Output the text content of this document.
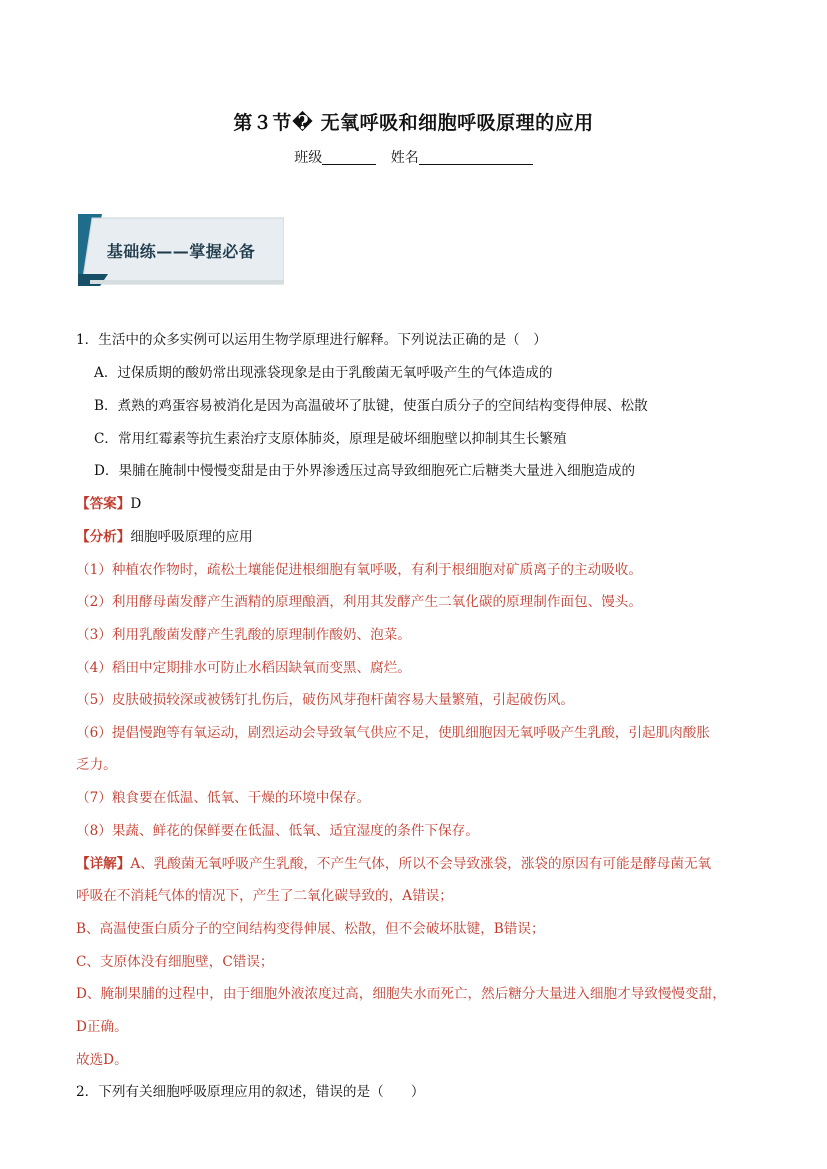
第３节� 无氧呼吸和细胞呼吸原理的应用
班级	姓名
基础练——掌握必备
1．生活中的众多实例可以运用生物学原理进行解释。下列说法正确的是（　）
A．过保质期的酸奶常出现涨袋现象是由于乳酸菌无氧呼吸产生的气体造成的
B．煮熟的鸡蛋容易被消化是因为高温破坏了肽键，使蛋白质分子的空间结构变得伸展、松散
C．常用红霉素等抗生素治疗支原体肺炎，原理是破坏细胞壁以抑制其生长繁殖
D．果脯在腌制中慢慢变甜是由于外界渗透压过高导致细胞死亡后糖类大量进入细胞造成的
【答案】D
【分析】细胞呼吸原理的应用
（1）种植农作物时，疏松土壤能促进根细胞有氧呼吸，有利于根细胞对矿质离子的主动吸收。
（2）利用酵母菌发酵产生酒精的原理酿酒，利用其发酵产生二氧化碳的原理制作面包、馒头。
（3）利用乳酸菌发酵产生乳酸的原理制作酸奶、泡菜。
（4）稻田中定期排水可防止水稻因缺氧而变黑、腐烂。
（5）皮肤破损较深或被锈钉扎伤后，破伤风芽孢杆菌容易大量繁殖，引起破伤风。
（6）提倡慢跑等有氧运动，剧烈运动会导致氧气供应不足，使肌细胞因无氧呼吸产生乳酸，引起肌肉酸胀
乏力。
（7）粮食要在低温、低氧、干燥的环境中保存。
（8）果蔬、鲜花的保鲜要在低温、低氧、适宜湿度的条件下保存。
【详解】A、乳酸菌无氧呼吸产生乳酸，不产生气体，所以不会导致涨袋，涨袋的原因有可能是酵母菌无氧
呼吸在不消耗气体的情况下，产生了二氧化碳导致的，A错误；
B、高温使蛋白质分子的空间结构变得伸展、松散，但不会破坏肽键，B错误；
C、支原体没有细胞壁，C错误；
D、腌制果脯的过程中，由于细胞外液浓度过高，细胞失水而死亡，然后糖分大量进入细胞才导致慢慢变甜，
D正确。
故选D。
2．下列有关细胞呼吸原理应用的叙述，错误的是（　　）
